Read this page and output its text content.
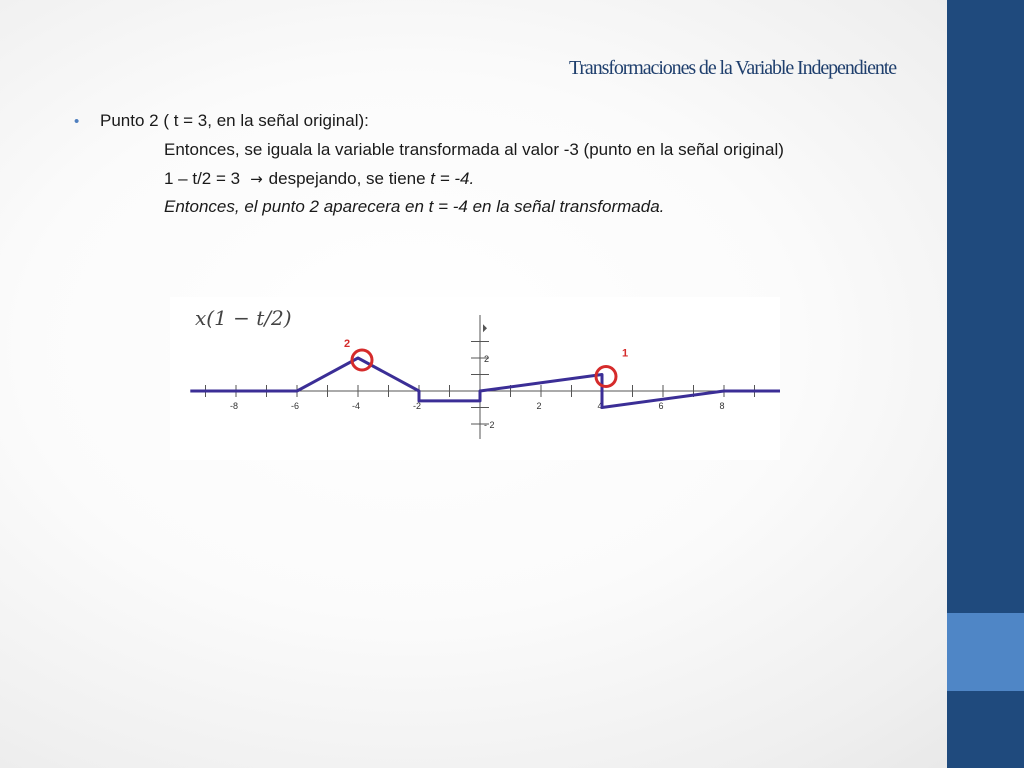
Transformaciones de la Variable Independiente
• Punto 2 ( t = 3, en la señal original):
Entonces, se iguala la variable transformada al valor -3 (punto en la señal original)
1 – t/2 = 3 → despejando, se tiene t = -4.
Entonces, el punto 2 aparecera en t = -4 en la señal transformada.
-8	-6	-4	-2	2	4	6	8
2
- 2
x(1 − t/2)
2
1
